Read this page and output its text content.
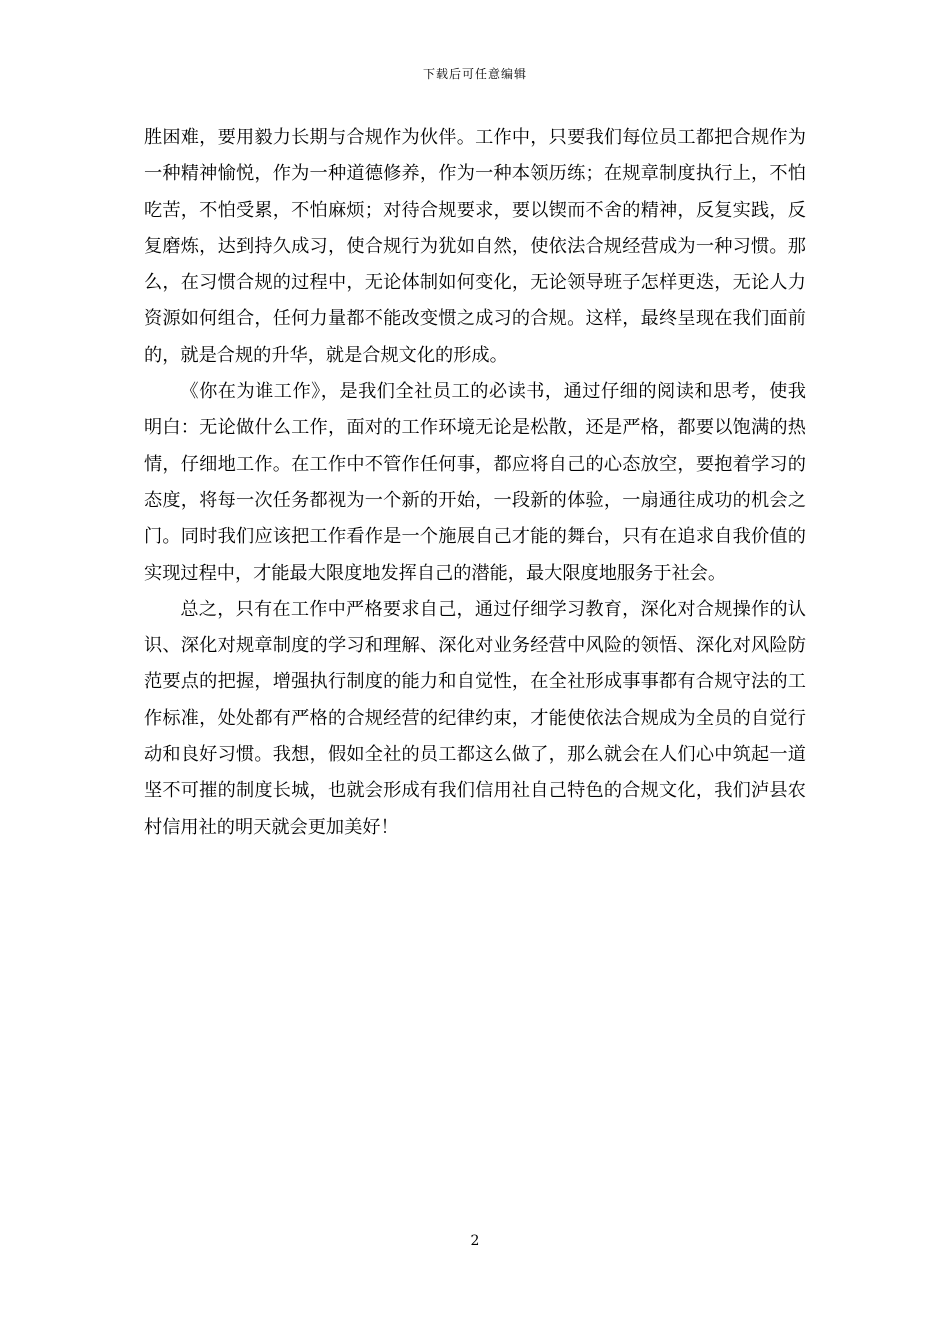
下载后可任意编辑

胜困难，要用毅力长期与合规作为伙伴。工作中，只要我们每位员工都把合规作为一种精神愉悦，作为一种道德修养，作为一种本领历练；在规章制度执行上，不怕吃苦，不怕受累，不怕麻烦；对待合规要求，要以锲而不舍的精神，反复实践，反复磨炼，达到持久成习，使合规行为犹如自然，使依法合规经营成为一种习惯。那么，在习惯合规的过程中，无论体制如何变化，无论领导班子怎样更迭，无论人力资源如何组合，任何力量都不能改变惯之成习的合规。这样，最终呈现在我们面前的，就是合规的升华，就是合规文化的形成。

《你在为谁工作》，是我们全社员工的必读书，通过仔细的阅读和思考，使我明白：无论做什么工作，面对的工作环境无论是松散，还是严格，都要以饱满的热情，仔细地工作。在工作中不管作任何事，都应将自己的心态放空，要抱着学习的态度，将每一次任务都视为一个新的开始，一段新的体验，一扇通往成功的机会之门。同时我们应该把工作看作是一个施展自己才能的舞台，只有在追求自我价值的实现过程中，才能最大限度地发挥自己的潜能，最大限度地服务于社会。

总之，只有在工作中严格要求自己，通过仔细学习教育，深化对合规操作的认识、深化对规章制度的学习和理解、深化对业务经营中风险的领悟、深化对风险防范要点的把握，增强执行制度的能力和自觉性，在全社形成事事都有合规守法的工作标准，处处都有严格的合规经营的纪律约束，才能使依法合规成为全员的自觉行动和良好习惯。我想，假如全社的员工都这么做了，那么就会在人们心中筑起一道坚不可摧的制度长城，也就会形成有我们信用社自己特色的合规文化，我们泸县农村信用社的明天就会更加美好！

2
